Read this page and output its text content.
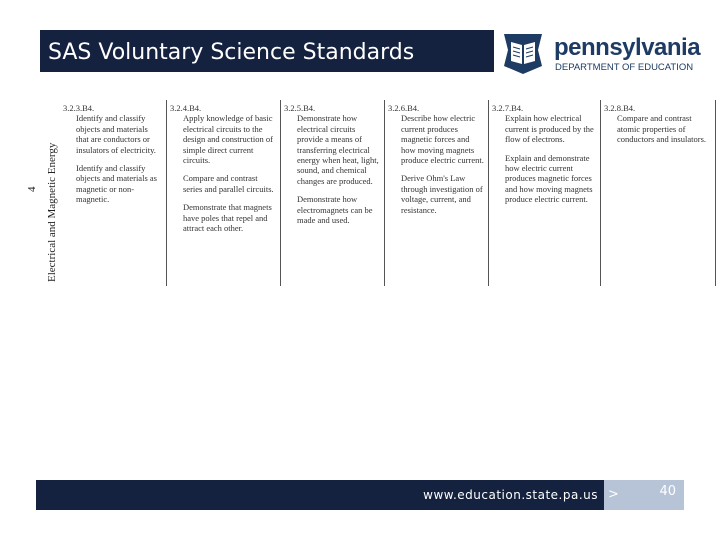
SAS Voluntary Science Standards	pennsylvania
DEPARTMENT OF EDUCATION
4 Electrical and Magnetic Energy
3.2.3.B4.

Identify and classify objects and materials that are conductors or insulators of electricity.

Identify and classify objects and materials as magnetic or non-magnetic.

3.2.4.B4.

Apply knowledge of basic electrical circuits to the design and construction of simple direct current circuits.

Compare and contrast series and parallel circuits.

Demonstrate that magnets have poles that repel and attract each other.

3.2.5.B4.

Demonstrate how electrical circuits provide a means of transferring electrical energy when heat, light, sound, and chemical changes are produced.

Demonstrate how electromagnets can be made and used.

3.2.6.B4.

Describe how electric current produces magnetic forces and how moving magnets produce electric current.

Derive Ohm's Law through investigation of voltage, current, and resistance.

3.2.7.B4.

Explain how electrical current is produced by the flow of electrons.

Explain and demonstrate how electric current produces magnetic forces and how moving magnets produce electric current.

3.2.8.B4.

Compare and contrast atomic properties of conductors and insulators.

www.education.state.pa.us >	40
